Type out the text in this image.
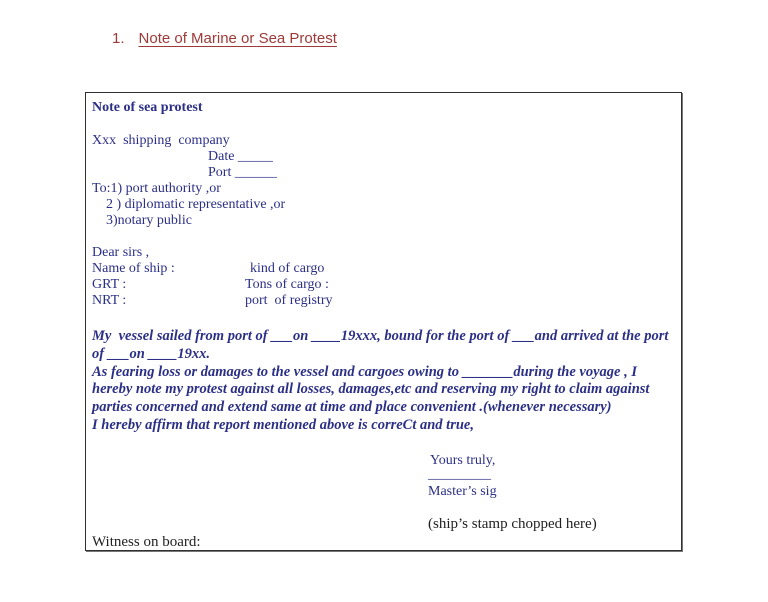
1. Note of Marine or Sea Protest
Note of sea protest
Xxx  shipping  company
Date _____
Port ______
To:1) port authority ,or
2 ) diplomatic representative ,or
3)notary public
Dear sirs ,
Name of ship :	kind of cargo
GRT :	Tons of cargo :
NRT :	port  of registry

My  vessel sailed from port of ___on ____19xxx, bound for the port of ___and arrived at the port of ___on ____19xx.

As fearing loss or damages to the vessel and cargoes owing to _______during the voyage , I hereby note my protest against all losses, damages,etc and reserving my right to claim against parties concerned and extend same at time and place convenient .(whenever necessary)

I hereby affirm that report mentioned above is correCt and true,

Yours truly,
_________
Master’s sig
(ship’s stamp chopped here)
Witness on board:
